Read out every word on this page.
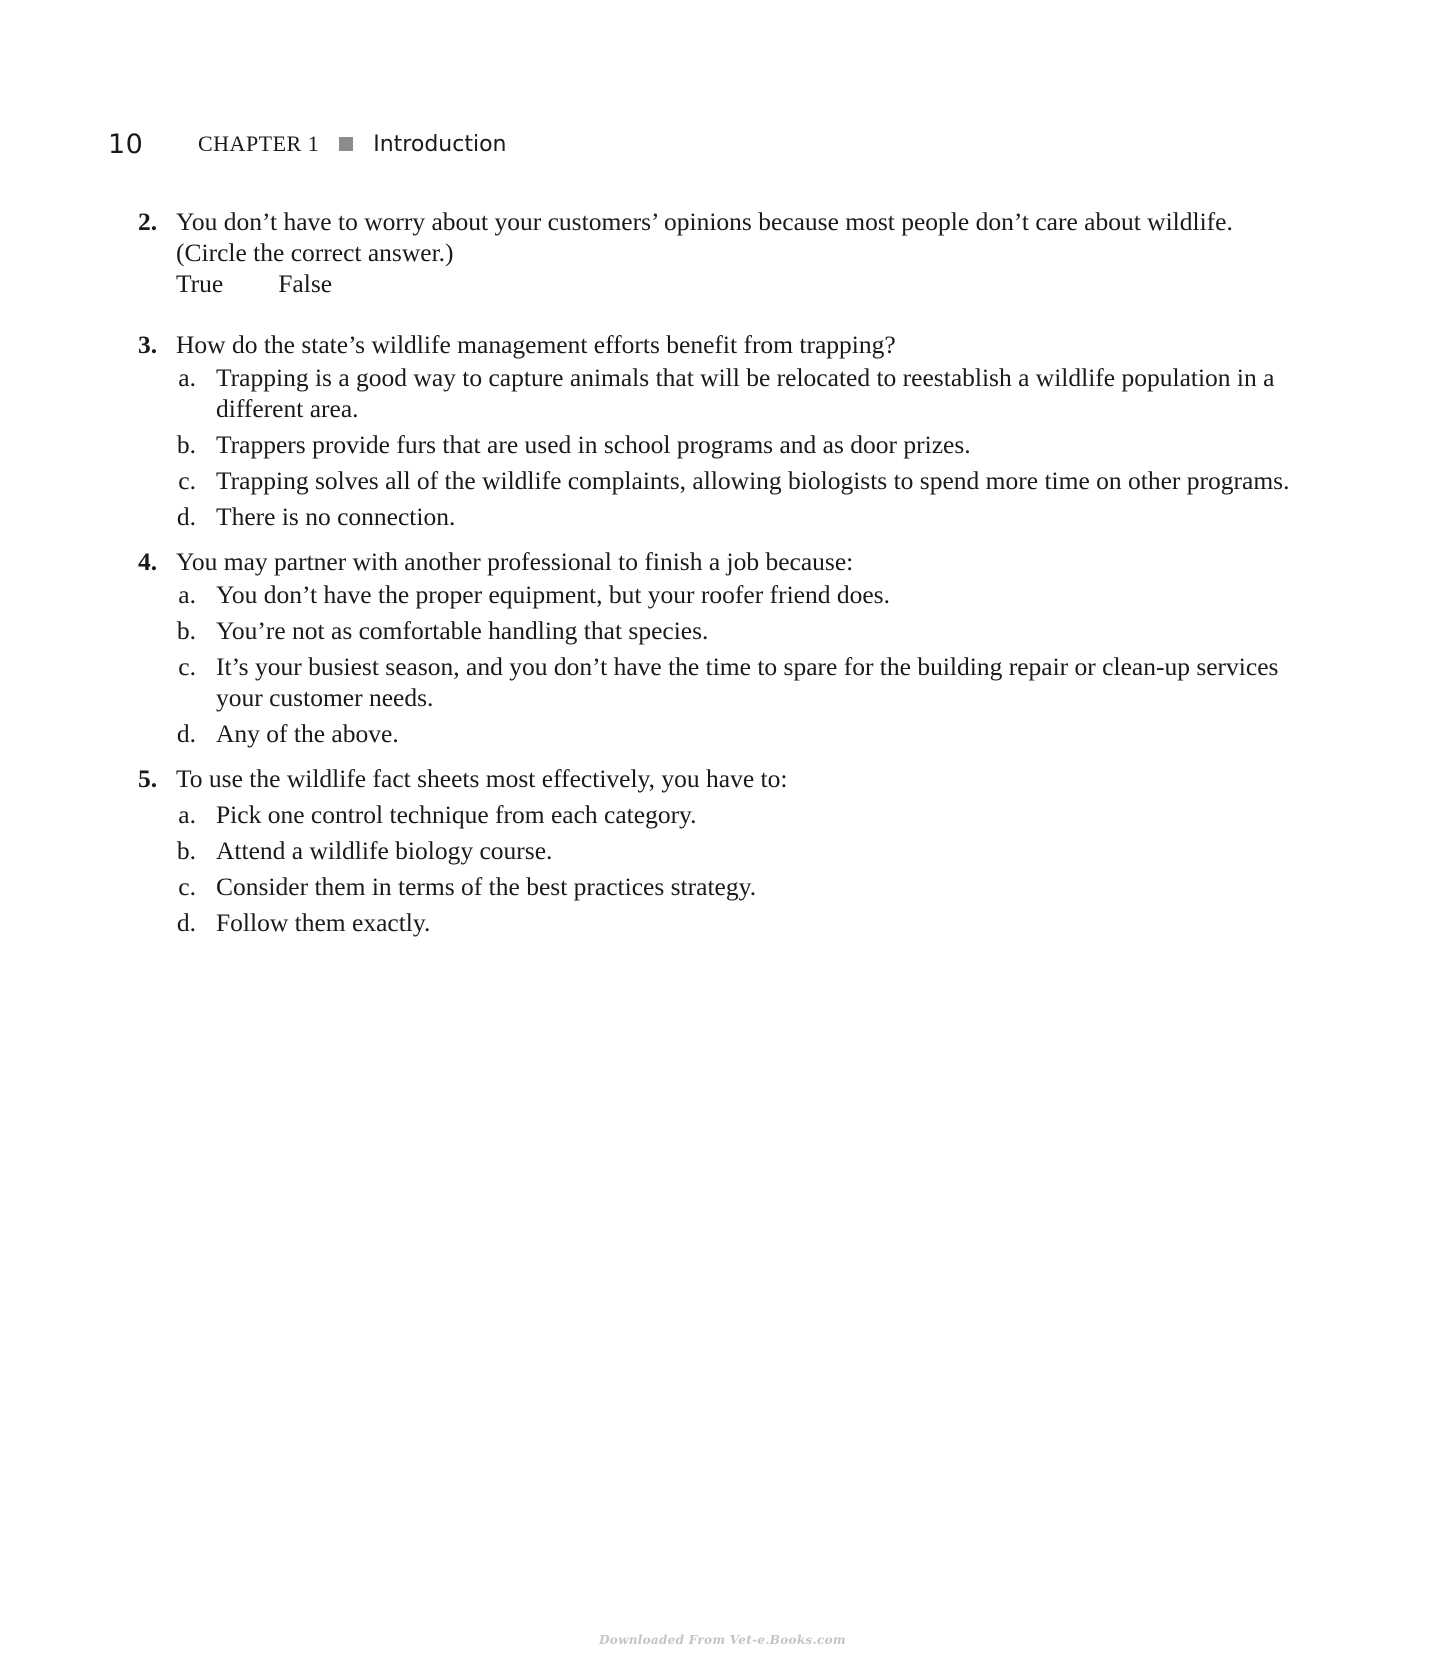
10	CHAPTER 1 Introduction
2. You don’t have to worry about your customers’ opinions because most people don’t care about wildlife. (Circle the correct answer.)
True False
3. How do the state’s wildlife management efforts benefit from trapping?
a. Trapping is a good way to capture animals that will be relocated to reestablish a wildlife population in a different area.
b. Trappers provide furs that are used in school programs and as door prizes.
c. Trapping solves all of the wildlife complaints, allowing biologists to spend more time on other programs.
d. There is no connection.
4. You may partner with another professional to finish a job because:
a. You don’t have the proper equipment, but your roofer friend does.
b. You’re not as comfortable handling that species.
c. It’s your busiest season, and you don’t have the time to spare for the building repair or clean-up services your customer needs.
d. Any of the above.
5. To use the wildlife fact sheets most effectively, you have to:
a. Pick one control technique from each category.
b. Attend a wildlife biology course.
c. Consider them in terms of the best practices strategy.
d. Follow them exactly.
Downloaded From Vet-e.Books.com
